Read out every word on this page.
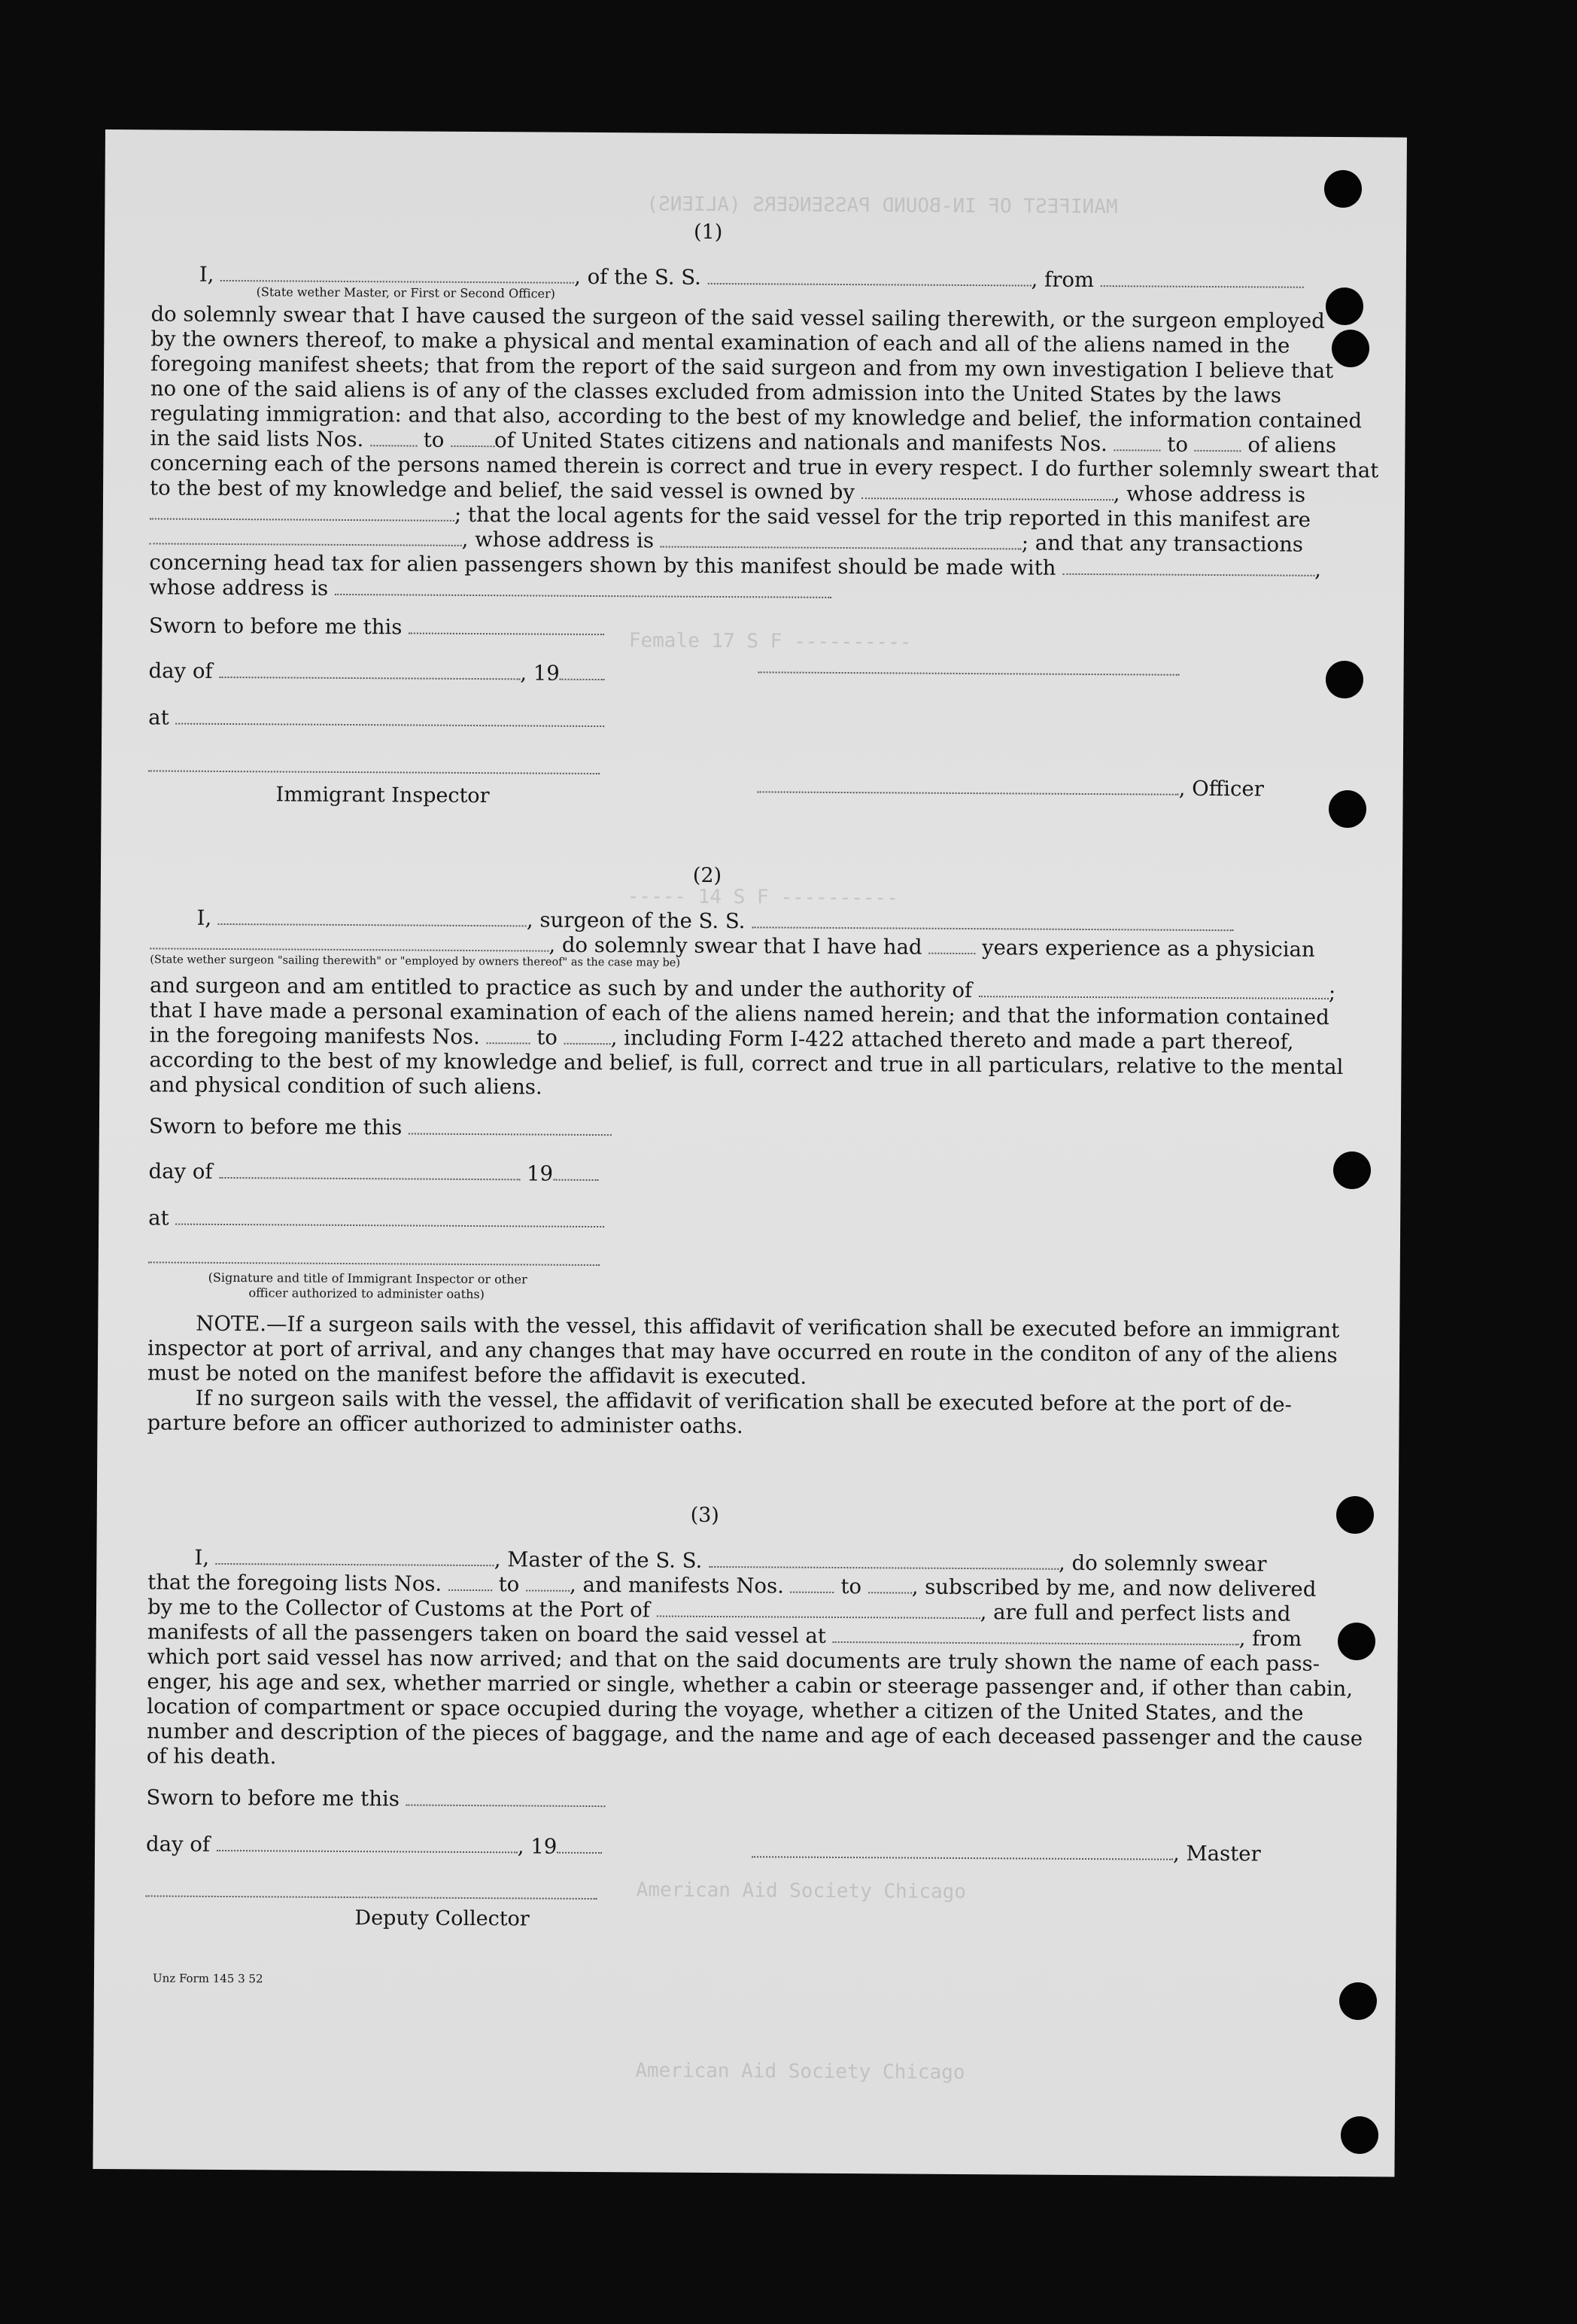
MANIFEST OF IN-BOUND PASSENGERS (ALIENS)
Female 17 S F ----------
----- 14 S F ----------
American Aid Society Chicago
American Aid Society Chicago
(1)
I,	, of the S. S.	, from
(State wether Master, or First or Second Officer)
do solemnly swear that I have caused the surgeon of the said vessel sailing therewith, or the surgeon employed
by the owners thereof, to make a physical and mental examination of each and all of the aliens named in the
foregoing manifest sheets; that from the report of the said surgeon and from my own investigation I believe that
no one of the said aliens is of any of the classes excluded from admission into the United States by the laws
regulating immigration: and that also, according to the best of my knowledge and belief, the information contained
in the said lists Nos.	to of United States citizens and nationals and manifests Nos.	to	of aliens
concerning each of the persons named therein is correct and true in every respect. I do further solemnly sweart that
to the best of my knowledge and belief, the said vessel is owned by	, whose address is
; that the local agents for the said vessel for the trip reported in this manifest are
, whose address is	; and that any transactions
concerning head tax for alien passengers shown by this manifest should be made with	,
whose address is
Sworn to before me this
day of	, 19
at
Immigrant Inspector	, Officer
(2)
I,	, surgeon of the S. S.
, do solemnly swear that I have had	years experience as a physician
(State wether surgeon "sailing therewith" or "employed by owners thereof" as the case may be)
and surgeon and am entitled to practice as such by and under the authority of	;
that I have made a personal examination of each of the aliens named herein; and that the information contained
in the foregoing manifests Nos.	to	, including Form I-422 attached thereto and made a part thereof,
according to the best of my knowledge and belief, is full, correct and true in all particulars, relative to the mental
and physical condition of such aliens.
Sworn to before me this
day of	19
at
(Signature and title of Immigrant Inspector or other
officer authorized to administer oaths)
NOTE.—If a surgeon sails with the vessel, this affidavit of verification shall be executed before an immigrant
inspector at port of arrival, and any changes that may have occurred en route in the conditon of any of the aliens
must be noted on the manifest before the affidavit is executed.
If no surgeon sails with the vessel, the affidavit of verification shall be executed before at the port of de-
parture before an officer authorized to administer oaths.
(3)
I,	, Master of the S. S.	, do solemnly swear
that the foregoing lists Nos.	to , and manifests Nos.	to , subscribed by me, and now delivered
by me to the Collector of Customs at the Port of	, are full and perfect lists and
manifests of all the passengers taken on board the said vessel at	, from
which port said vessel has now arrived; and that on the said documents are truly shown the name of each pass-
enger, his age and sex, whether married or single, whether a cabin or steerage passenger and, if other than cabin,
location of compartment or space occupied during the voyage, whether a citizen of the United States, and the
number and description of the pieces of baggage, and the name and age of each deceased passenger and the cause
of his death.
Sworn to before me this
day of	, 19	, Master
Deputy Collector
Unz Form 145 3 52
